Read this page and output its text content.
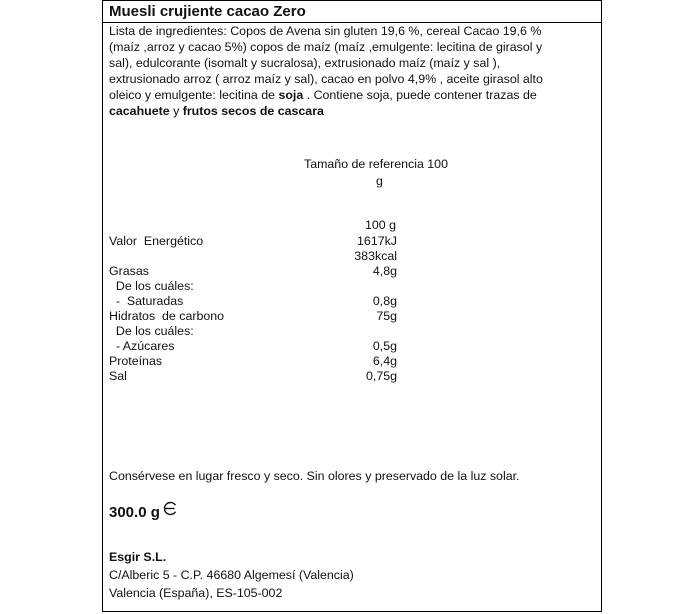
Muesli crujiente cacao Zero
Lista de ingredientes: Copos de Avena sin gluten 19,6 %, cereal Cacao 19,6 %
(maíz ,arroz y cacao 5%) copos de maíz (maíz ,emulgente: lecitina de girasol y
sal), edulcorante (isomalt y sucralosa), extrusionado maíz (maíz y sal ),
extrusionado arroz ( arroz maíz y sal), cacao en polvo 4,9% , aceite girasol alto
oleico y emulgente: lecitina de soja . Contiene soja, puede contener trazas de
cacahuete y frutos secos de cascara
Tamaño de referencia 100
g
100 g
Valor  Energético	1617kJ
383kcal
Grasas	4,8g
De los cuáles:
-  Saturadas	0,8g
Hidratos  de carbono	75g
De los cuáles:
- Azúcares	0,5g
Proteínas	6,4g
Sal	0,75g
Consérvese en lugar fresco y seco. Sin olores y preservado de la luz solar.
300.0 g
Esgir S.L.
C/Alberic 5 - C.P. 46680 Algemesí (Valencia)
Valencia (España), ES-105-002
